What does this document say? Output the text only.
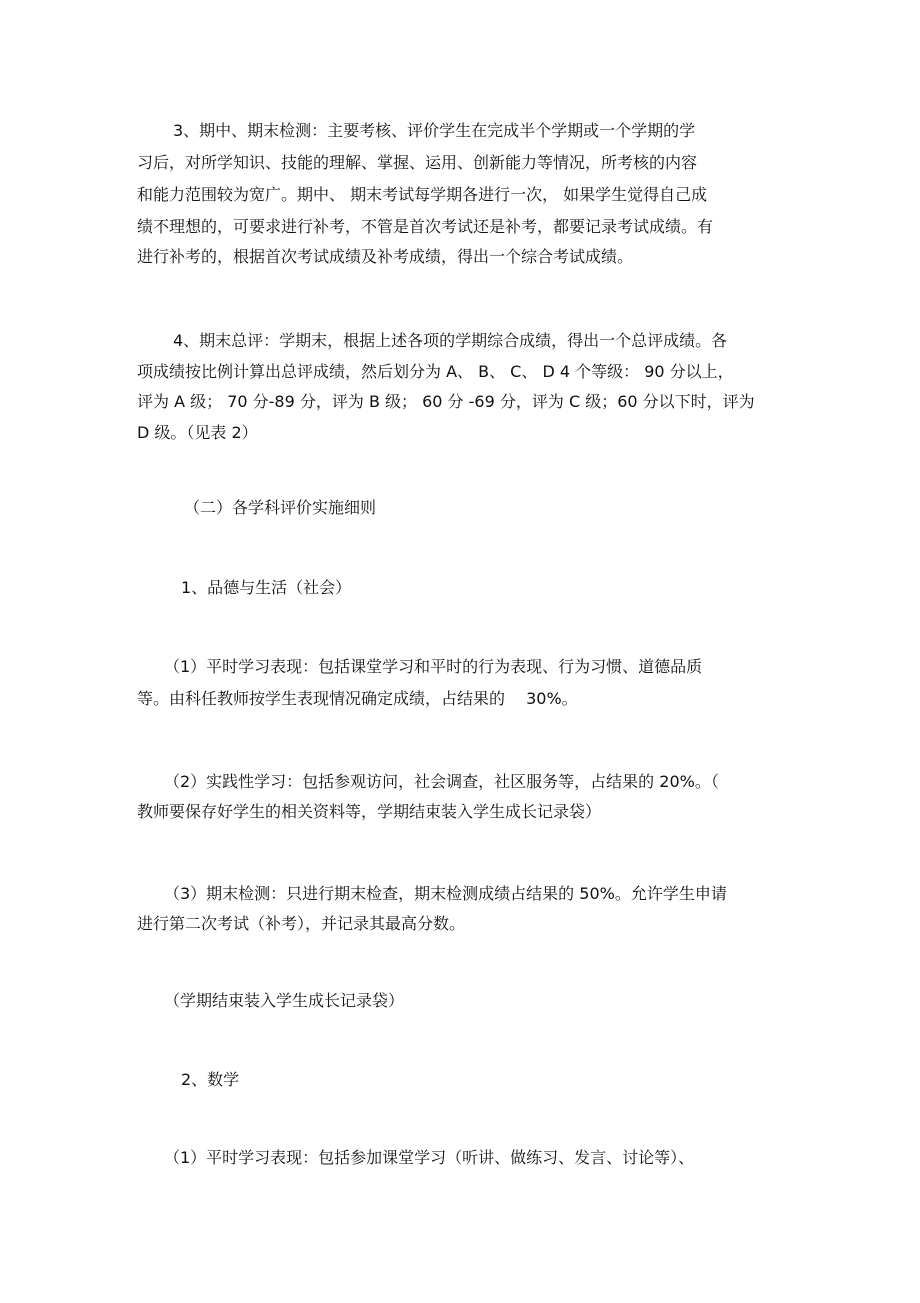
3、期中、期末检测：主要考核、评价学生在完成半个学期或一个学期的学

习后，对所学知识、技能的理解、掌握、运用、创新能力等情况，所考核的内容

和能力范围较为宽广。期中、 期末考试每学期各进行一次， 如果学生觉得自己成

绩不理想的，可要求进行补考，不管是首次考试还是补考，都要记录考试成绩。有

进行补考的，根据首次考试成绩及补考成绩，得出一个综合考试成绩。

4、期末总评：学期末，根据上述各项的学期综合成绩，得出一个总评成绩。各

项成绩按比例计算出总评成绩，然后划分为 A、 B、 C、 D 4 个等级： 90 分以上，

评为 A 级； 70 分-89 分，评为 B 级； 60 分 -69 分，评为 C 级；60 分以下时，评为

D 级。（见表 2）

（二）各学科评价实施细则
1、品德与生活（社会）

（1）平时学习表现：包括课堂学习和平时的行为表现、行为习惯、道德品质

等。由科任教师按学生表现情况确定成绩，占结果的　 30%。

（2）实践性学习：包括参观访问，社会调查，社区服务等，占结果的 20%。（

教师要保存好学生的相关资料等，学期结束装入学生成长记录袋）

（3）期末检测：只进行期末检查，期末检测成绩占结果的 50%。允许学生申请

进行第二次考试（补考），并记录其最高分数。

（学期结束装入学生成长记录袋）

2、数学

（1）平时学习表现：包括参加课堂学习（听讲、做练习、发言、讨论等）、
